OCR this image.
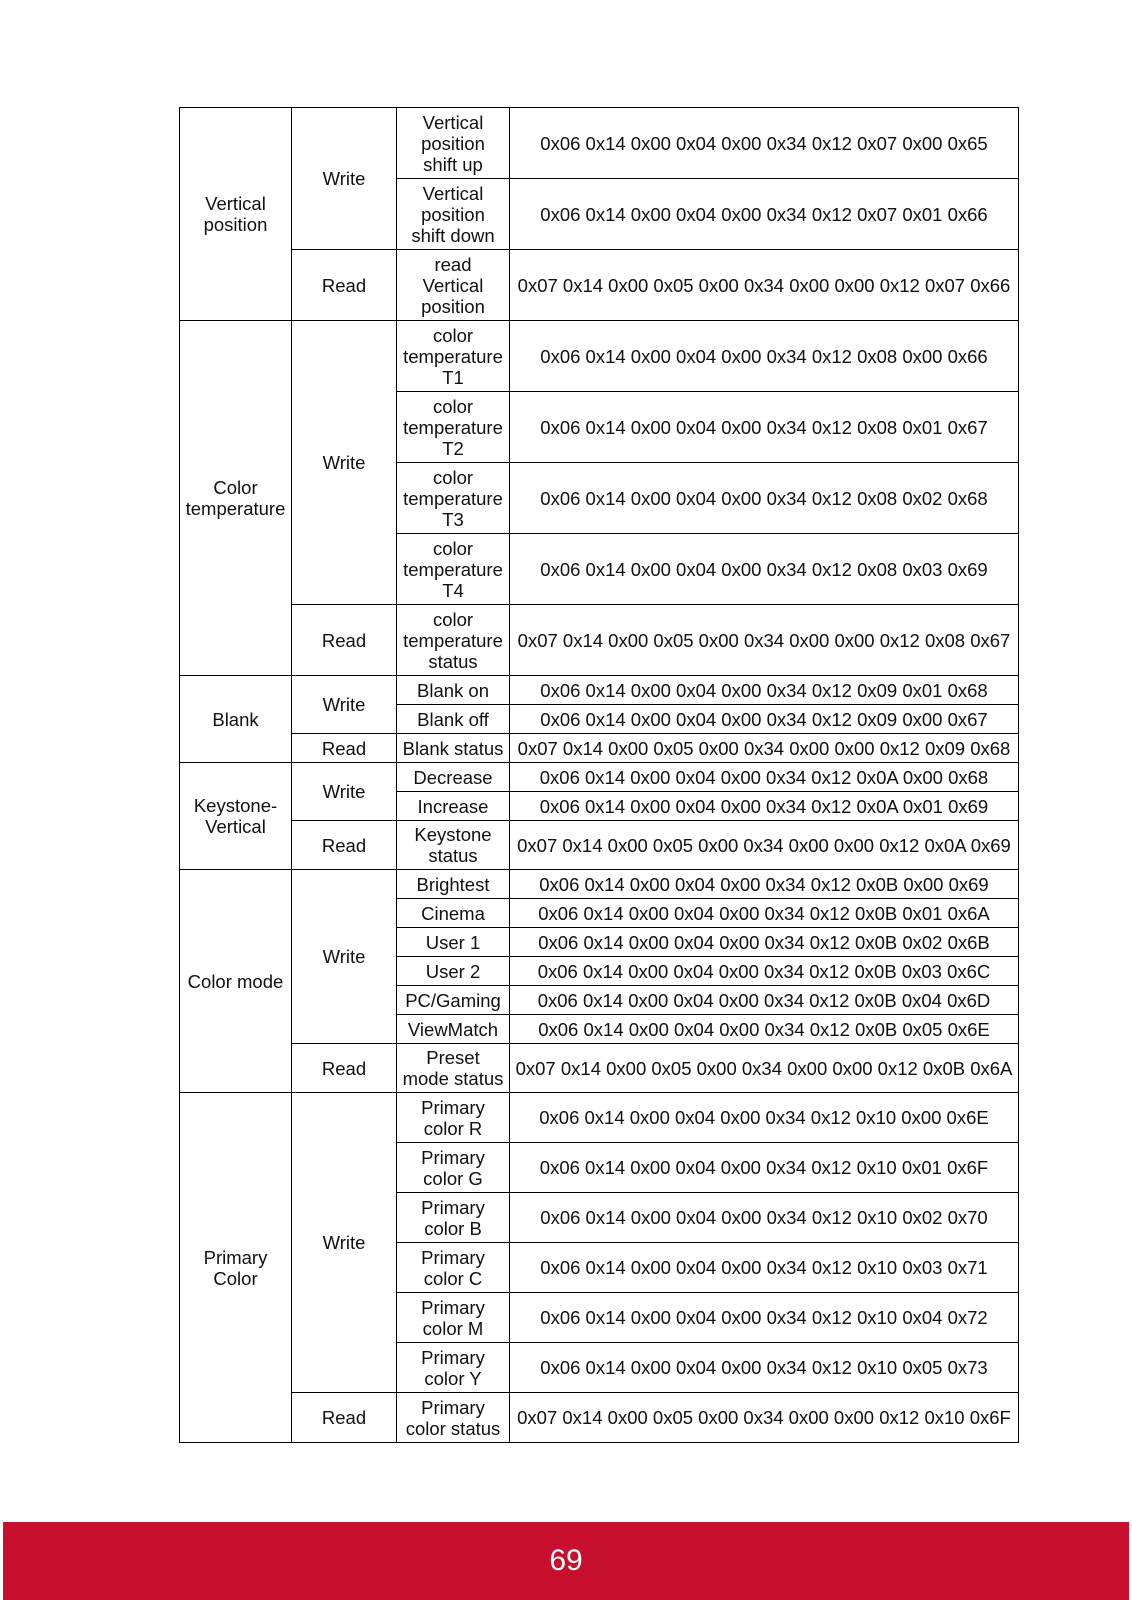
Vertical
position	Write	Vertical
position
shift up	0x06 0x14 0x00 0x04 0x00 0x34 0x12 0x07 0x00 0x65
		Vertical
position
shift down	0x06 0x14 0x00 0x04 0x00 0x34 0x12 0x07 0x01 0x66
	Read	read
Vertical
position	0x07 0x14 0x00 0x05 0x00 0x34 0x00 0x00 0x12 0x07 0x66
Color
temperature	Write	color
temperature
T1	0x06 0x14 0x00 0x04 0x00 0x34 0x12 0x08 0x00 0x66
		color
temperature
T2	0x06 0x14 0x00 0x04 0x00 0x34 0x12 0x08 0x01 0x67
		color
temperature
T3	0x06 0x14 0x00 0x04 0x00 0x34 0x12 0x08 0x02 0x68
		color
temperature
T4	0x06 0x14 0x00 0x04 0x00 0x34 0x12 0x08 0x03 0x69
	Read	color
temperature
status	0x07 0x14 0x00 0x05 0x00 0x34 0x00 0x00 0x12 0x08 0x67
Blank	Write	Blank on	0x06 0x14 0x00 0x04 0x00 0x34 0x12 0x09 0x01 0x68
		Blank off	0x06 0x14 0x00 0x04 0x00 0x34 0x12 0x09 0x00 0x67
	Read	Blank status	0x07 0x14 0x00 0x05 0x00 0x34 0x00 0x00 0x12 0x09 0x68
Keystone-
Vertical	Write	Decrease	0x06 0x14 0x00 0x04 0x00 0x34 0x12 0x0A 0x00 0x68
		Increase	0x06 0x14 0x00 0x04 0x00 0x34 0x12 0x0A 0x01 0x69
	Read	Keystone
status	0x07 0x14 0x00 0x05 0x00 0x34 0x00 0x00 0x12 0x0A 0x69
Color mode	Write	Brightest	0x06 0x14 0x00 0x04 0x00 0x34 0x12 0x0B 0x00 0x69
		Cinema	0x06 0x14 0x00 0x04 0x00 0x34 0x12 0x0B 0x01 0x6A
		User 1	0x06 0x14 0x00 0x04 0x00 0x34 0x12 0x0B 0x02 0x6B
		User 2	0x06 0x14 0x00 0x04 0x00 0x34 0x12 0x0B 0x03 0x6C
		PC/Gaming	0x06 0x14 0x00 0x04 0x00 0x34 0x12 0x0B 0x04 0x6D
		ViewMatch	0x06 0x14 0x00 0x04 0x00 0x34 0x12 0x0B 0x05 0x6E
	Read	Preset
mode status	0x07 0x14 0x00 0x05 0x00 0x34 0x00 0x00 0x12 0x0B 0x6A
Primary
Color	Write	Primary
color R	0x06 0x14 0x00 0x04 0x00 0x34 0x12 0x10 0x00 0x6E
		Primary
color G	0x06 0x14 0x00 0x04 0x00 0x34 0x12 0x10 0x01 0x6F
		Primary
color B	0x06 0x14 0x00 0x04 0x00 0x34 0x12 0x10 0x02 0x70
		Primary
color C	0x06 0x14 0x00 0x04 0x00 0x34 0x12 0x10 0x03 0x71
		Primary
color M	0x06 0x14 0x00 0x04 0x00 0x34 0x12 0x10 0x04 0x72
		Primary
color Y	0x06 0x14 0x00 0x04 0x00 0x34 0x12 0x10 0x05 0x73
	Read	Primary
color status	0x07 0x14 0x00 0x05 0x00 0x34 0x00 0x00 0x12 0x10 0x6F
69
